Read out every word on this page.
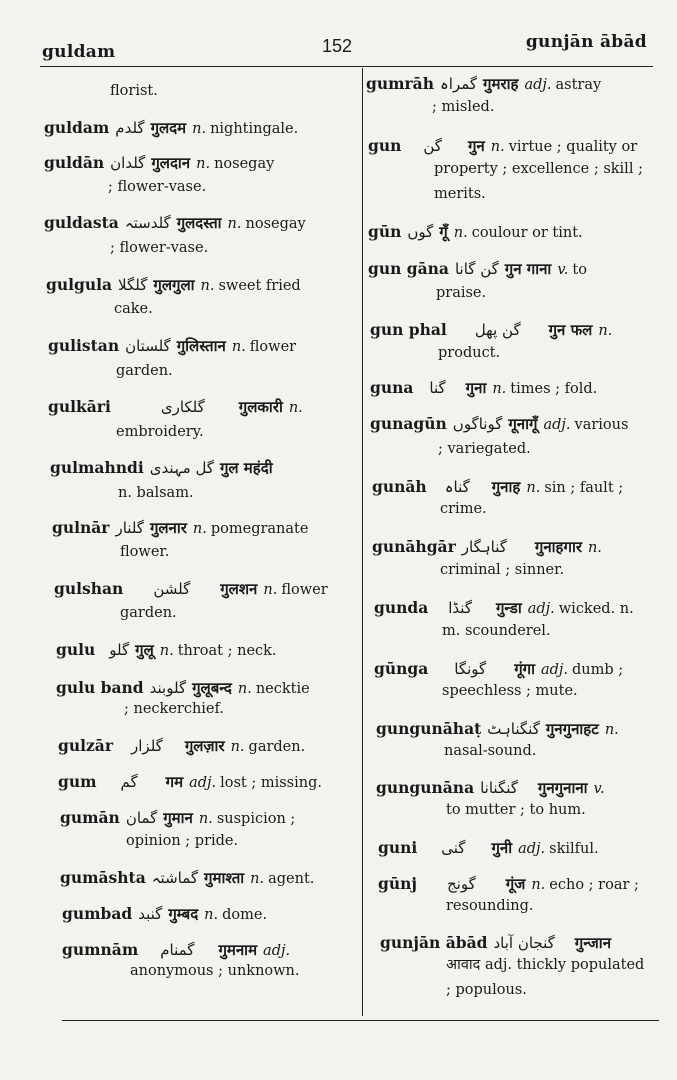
guldam	152	gunjān ābād
florist.
guldam گلدم गुलदम n. nightingale.
guldān گلدان गुलदान n. nosegay
; flower-vase.
guldasta گلدستہ गुलदस्ता n. nosegay
; flower-vase.
gulgula گلگلا गुलगुला n. sweet fried
cake.
gulistan گلستان गुलिस्तान n. flower
garden.
gulkāri	گلکاری गुलकारी n.
embroidery.
gulmahndi گل مہندی गुल महंदी
n. balsam.
gulnār گلنار गुलनार n. pomegranate
flower.
gulshan گلشن गुलशन n. flower
garden.
gulu گلو गुलू n. throat ; neck.
gulu band گلوبند गुलूबन्द n. necktie
; neckerchief.
gulzār گلزار गुलज़ार n. garden.
gum گم गम adj. lost ; missing.
gumān گمان गुमान n. suspicion ;
opinion ; pride.
gumāshta گماشتہ गुमाश्ता n. agent.
gumbad گنبد गुम्बद n. dome.
gumnām گمنام गुमनाम adj.
anonymous ; unknown.
gumrāh گمراہ गुमराह adj. astray
; misled.
gun گن गुन n. virtue ; quality or
property ; excellence ; skill ;
merits.
gūn گوں गूँ n. coulour or tint.
gun gāna گن گانا गुन गाना v. to
praise.
gun phal گن پھل गुन फल n.
product.
guna گنا गुना n. times ; fold.
gunagūn گوناگوں गूनागूँ adj. various
; variegated.
gunāh گناہ गुनाह n. sin ; fault ;
crime.
gunāhgār گناہگار गुनाहगार n.
criminal ; sinner.
gunda گنڈا गुन्डा adj. wicked. n.
m. scounderel.
gūnga گونگا गूंगा adj. dumb ;
speechless ; mute.
gungunāhaṭ گنگناہٹ गुनगुनाहट n.
nasal-sound.
gungunāna گنگنانا गुनगुनाना v.
to mutter ; to hum.
guni گنی गुनी adj. skilful.
gūnj گونج गूंज n. echo ; roar ;
resounding.
gunjān ābād گنجان آباد गुन्जान
आवाद adj. thickly populated
; populous.
